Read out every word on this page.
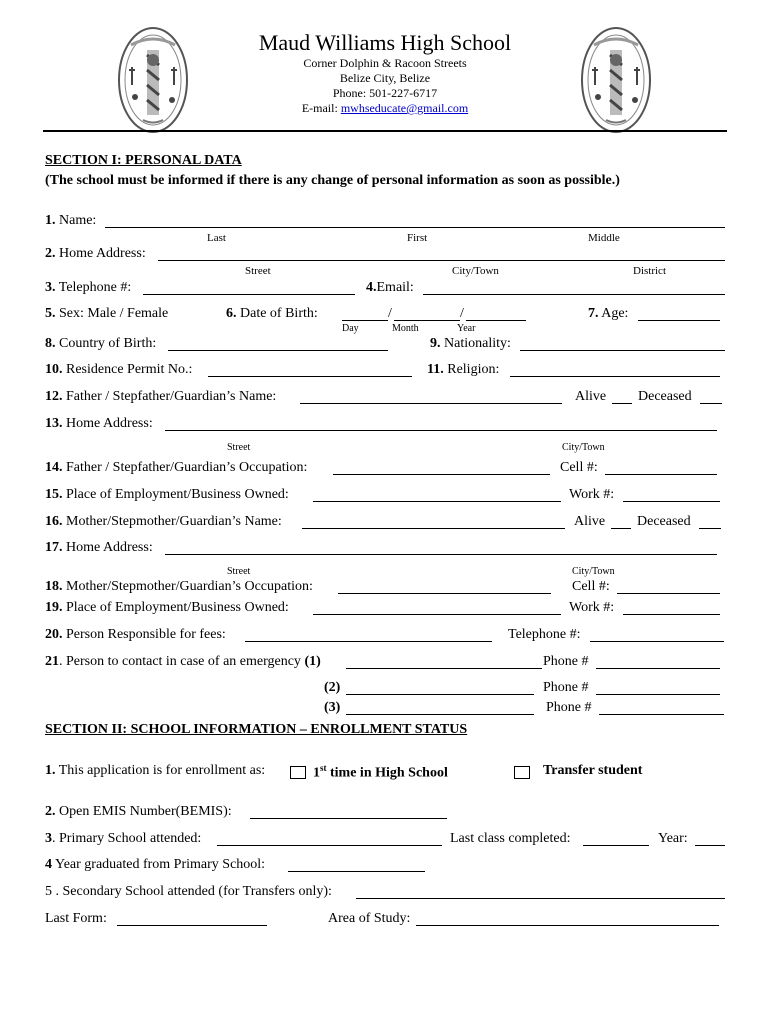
Maud Williams High School
Corner Dolphin & Racoon Streets
Belize City, Belize
Phone: 501-227-6717
E-mail: mwhseducate@gmail.com
SECTION I: PERSONAL DATA
(The school must be informed if there is any change of personal information as soon as possible.)
1. Name:
Last	First	Middle
2. Home Address:
Street	City/Town	District
3. Telephone #:	4.Email:
5. Sex: Male / Female	6. Date of Birth:	/	/
Day	Month	Year
7. Age:
8. Country of Birth:	9. Nationality:
10. Residence Permit No.:	11. Religion:
12. Father / Stepfather/Guardian’s Name:	Alive Deceased
13. Home Address:
Street	City/Town
14. Father / Stepfather/Guardian’s Occupation:	Cell #:
15. Place of Employment/Business Owned:	Work #:
16. Mother/Stepmother/Guardian’s Name:	Alive Deceased
17. Home Address:
Street	City/Town
18. Mother/Stepmother/Guardian’s Occupation:	Cell #:
19. Place of Employment/Business Owned:	Work #:
20. Person Responsible for fees:	Telephone #:
21. Person to contact in case of an emergency (1)	Phone #
(2)	Phone #
(3)	Phone #
SECTION II: SCHOOL INFORMATION – ENROLLMENT STATUS
1. This application is for enrollment as:	1st time in High School	Transfer student
2. Open EMIS Number(BEMIS):
3. Primary School attended:	Last class completed:	Year:
4 Year graduated from Primary School:
5 . Secondary School attended (for Transfers only):
Last Form:	Area of Study:
